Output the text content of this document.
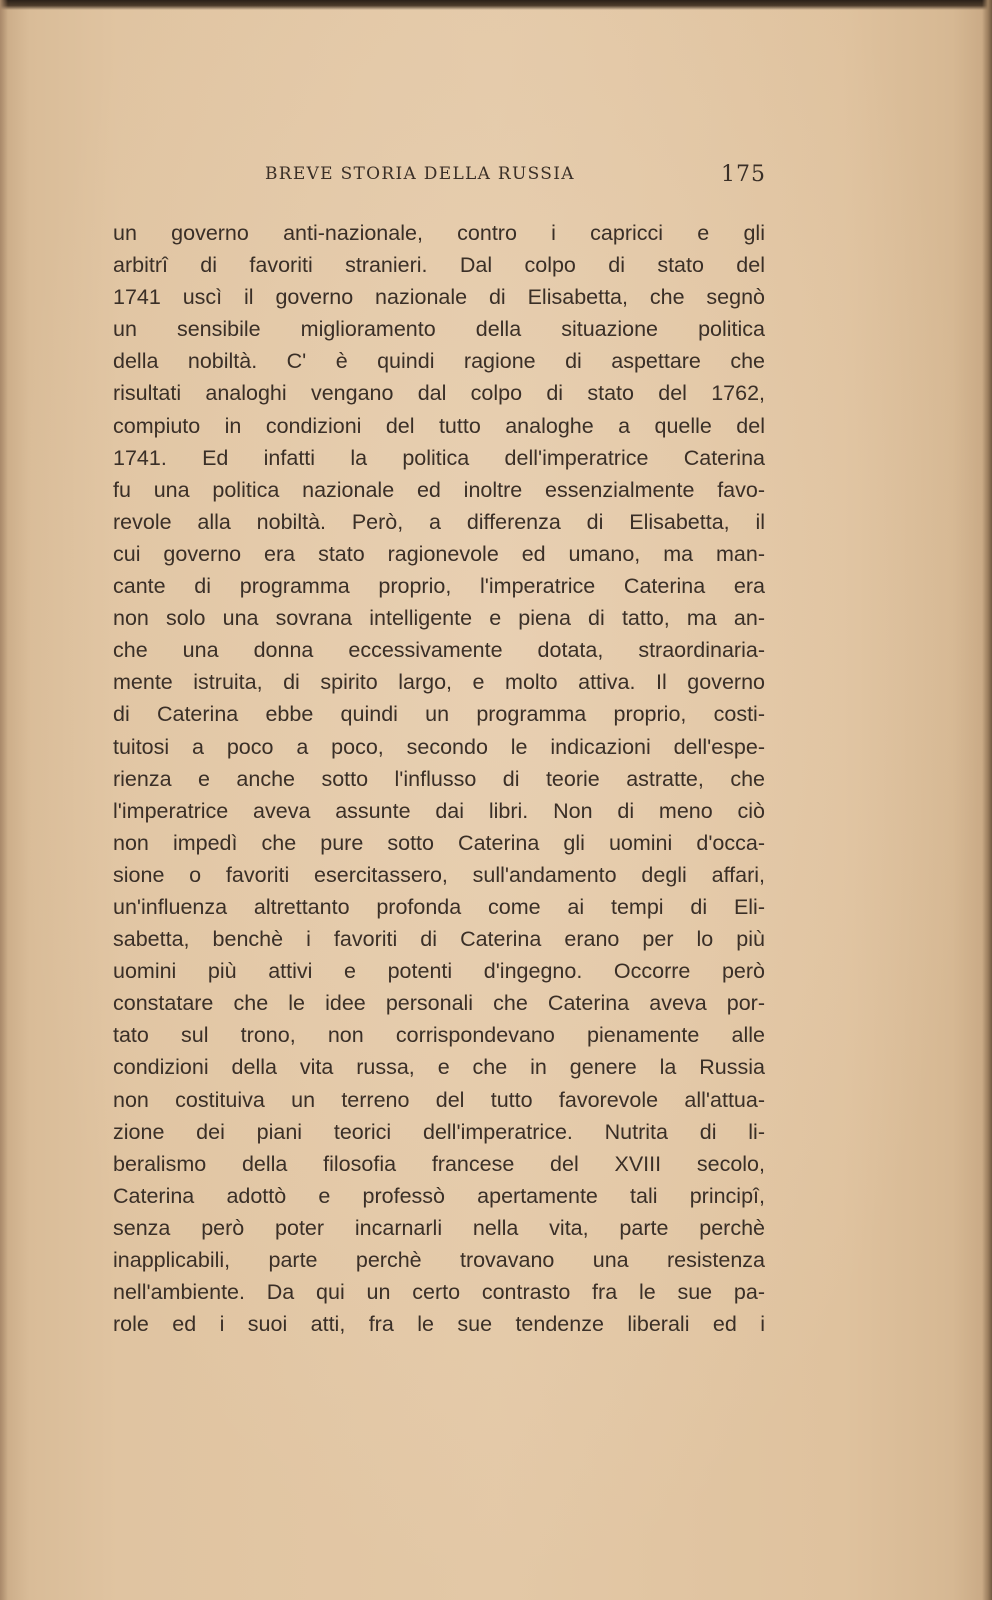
BREVE STORIA DELLA RUSSIA	175
un governo anti-nazionale, contro i capricci e gli
arbitrî di favoriti stranieri. Dal colpo di stato del
1741 uscì il governo nazionale di Elisabetta, che segnò
un sensibile miglioramento della situazione politica
della nobiltà. C' è quindi ragione di aspettare che
risultati analoghi vengano dal colpo di stato del 1762,
compiuto in condizioni del tutto analoghe a quelle del
1741. Ed infatti la politica dell'imperatrice Caterina
fu una politica nazionale ed inoltre essenzialmente favo-
revole alla nobiltà. Però, a differenza di Elisabetta, il
cui governo era stato ragionevole ed umano, ma man-
cante di programma proprio, l'imperatrice Caterina era
non solo una sovrana intelligente e piena di tatto, ma an-
che una donna eccessivamente dotata, straordinaria-
mente istruita, di spirito largo, e molto attiva. Il governo
di Caterina ebbe quindi un programma proprio, costi-
tuitosi a poco a poco, secondo le indicazioni dell'espe-
rienza e anche sotto l'influsso di teorie astratte, che
l'imperatrice aveva assunte dai libri. Non di meno ciò
non impedì che pure sotto Caterina gli uomini d'occa-
sione o favoriti esercitassero, sull'andamento degli affari,
un'influenza altrettanto profonda come ai tempi di Eli-
sabetta, benchè i favoriti di Caterina erano per lo più
uomini più attivi e potenti d'ingegno. Occorre però
constatare che le idee personali che Caterina aveva por-
tato sul trono, non corrispondevano pienamente alle
condizioni della vita russa, e che in genere la Russia
non costituiva un terreno del tutto favorevole all'attua-
zione dei piani teorici dell'imperatrice. Nutrita di li-
beralismo della filosofia francese del XVIII secolo,
Caterina adottò e professò apertamente tali principî,
senza però poter incarnarli nella vita, parte perchè
inapplicabili, parte perchè trovavano una resistenza
nell'ambiente. Da qui un certo contrasto fra le sue pa-
role ed i suoi atti, fra le sue tendenze liberali ed i
